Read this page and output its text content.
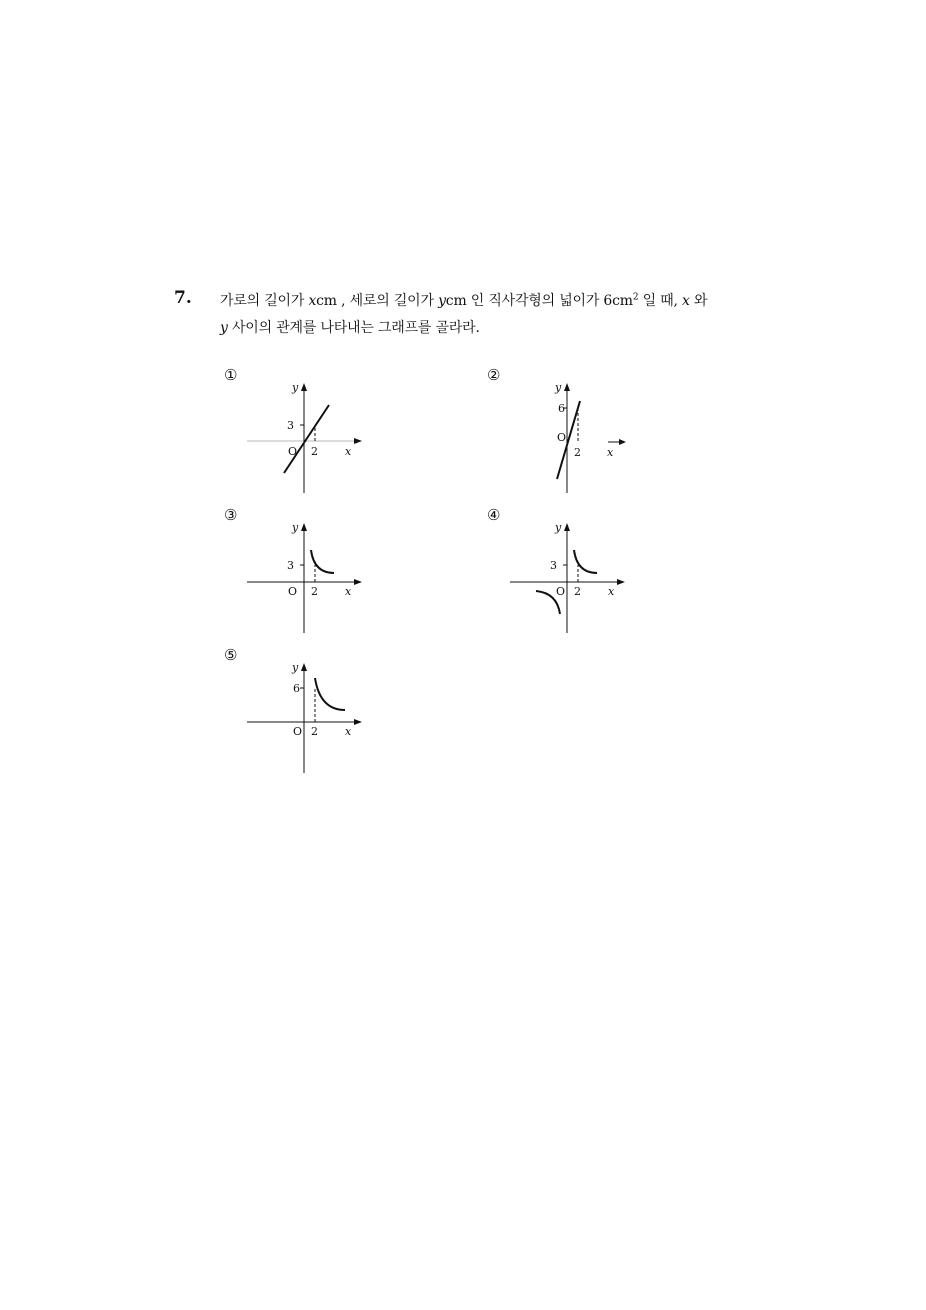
7. 가로의 길이가 xcm , 세로의 길이가 ycm 인 직사각형의 넓이가 $6cm^2$ 일 때, x 와
y 사이의 관계를 나타내는 그래프를 골라라.
①	②
③	④
⑤
y
3
O 2 x
y
6
O
2 x
y
3
O 2 x
y
3
O 2 x
y
6
O 2 x
